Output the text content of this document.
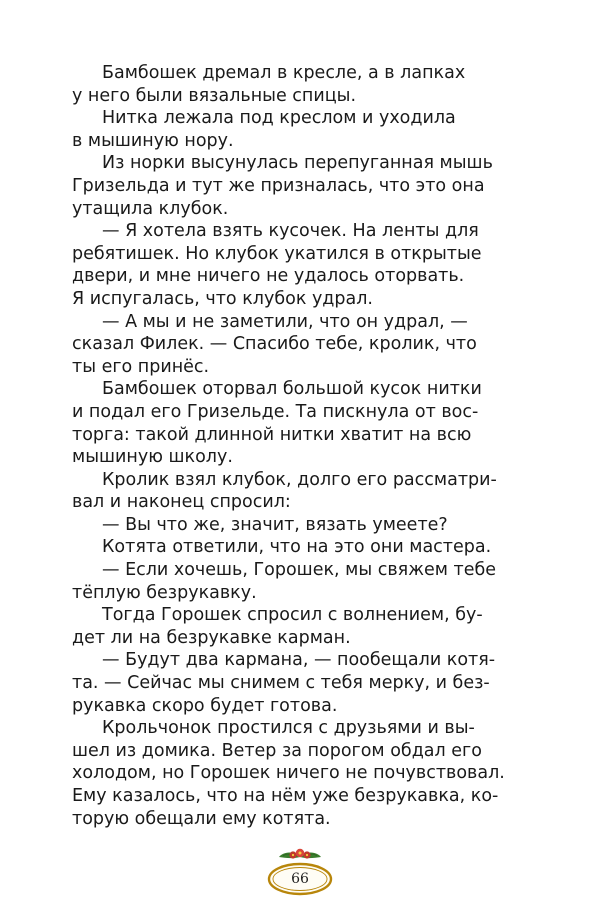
Бамбошек дремал в кресле, а в лапках
у него были вязальные спицы.

Нитка лежала под креслом и уходила
в мышиную нору.

Из норки высунулась перепуганная мышь
Гризельда и тут же призналась, что это она
утащила клубок.

— Я хотела взять кусочек. На ленты для
ребятишек. Но клубок укатился в открытые
двери, и мне ничего не удалось оторвать.
Я испугалась, что клубок удрал.

— А мы и не заметили, что он удрал, —
сказал Филек. — Спасибо тебе, кролик, что
ты его принёс.

Бамбошек оторвал большой кусок нитки
и подал его Гризельде. Та пискнула от вос-
торга: такой длинной нитки хватит на всю
мышиную школу.

Кролик взял клубок, долго его рассматри-
вал и наконец спросил:

— Вы что же, значит, вязать умеете?

Котята ответили, что на это они мастера.

— Если хочешь, Горошек, мы свяжем тебе
тёплую безрукавку.

Тогда Горошек спросил с волнением, бу-
дет ли на безрукавке карман.

— Будут два кармана, — пообещали котя-
та. — Сейчас мы снимем с тебя мерку, и без-
рукавка скоро будет готова.

Крольчонок простился с друзьями и вы-
шел из домика. Ветер за порогом обдал его
холодом, но Горошек ничего не почувствовал.
Ему казалось, что на нём уже безрукавка, ко-
торую обещали ему котята.

66
